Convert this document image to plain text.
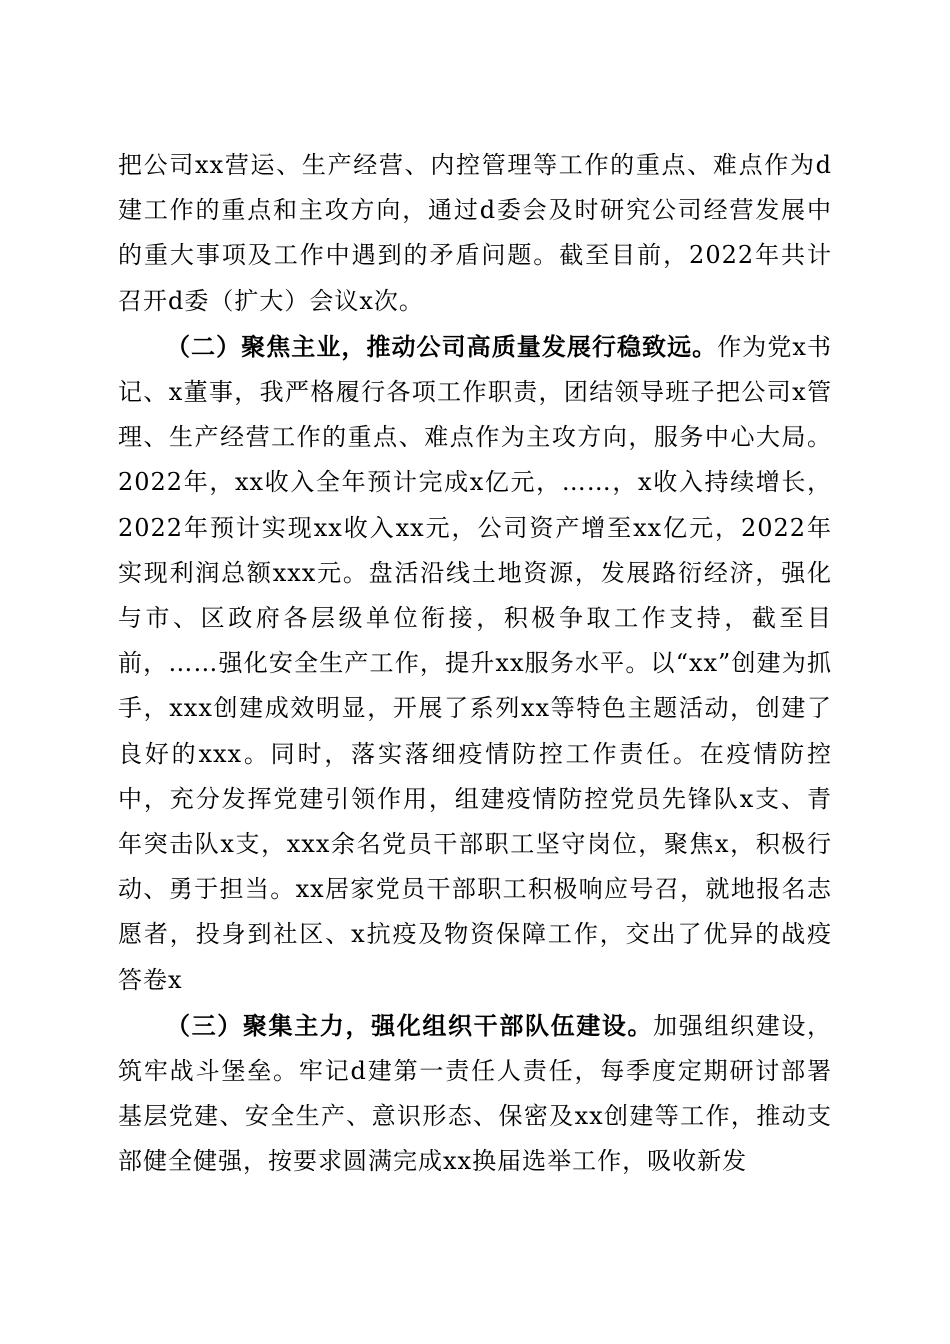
把公司xx营运、生产经营、内控管理等工作的重点、难点作为d建工作的重点和主攻方向，通过d委会及时研究公司经营发展中的重大事项及工作中遇到的矛盾问题。截至目前，2022年共计召开d委（扩大）会议x次。

（二）聚焦主业，推动公司高质量发展行稳致远。作为党x书记、x董事，我严格履行各项工作职责，团结领导班子把公司x管理、生产经营工作的重点、难点作为主攻方向，服务中心大局。2022年，xx收入全年预计完成x亿元，……，x收入持续增长，2022年预计实现xx收入xx元，公司资产增至xx亿元，2022年实现利润总额xxx元。盘活沿线土地资源，发展路衍经济，强化与市、区政府各层级单位衔接，积极争取工作支持，截至目前，……强化安全生产工作，提升xx服务水平。以“xx”创建为抓手，xxx创建成效明显，开展了系列xx等特色主题活动，创建了良好的xxx。同时，落实落细疫情防控工作责任。在疫情防控中，充分发挥党建引领作用，组建疫情防控党员先锋队x支、青年突击队x支，xxx余名党员干部职工坚守岗位，聚焦x，积极行动、勇于担当。xx居家党员干部职工积极响应号召，就地报名志愿者，投身到社区、x抗疫及物资保障工作，交出了优异的战疫答卷x

（三）聚集主力，强化组织干部队伍建设。加强组织建设，筑牢战斗堡垒。牢记d建第一责任人责任，每季度定期研讨部署基层党建、安全生产、意识形态、保密及xx创建等工作，推动支部健全健强，按要求圆满完成xx换届选举工作，吸收新发
